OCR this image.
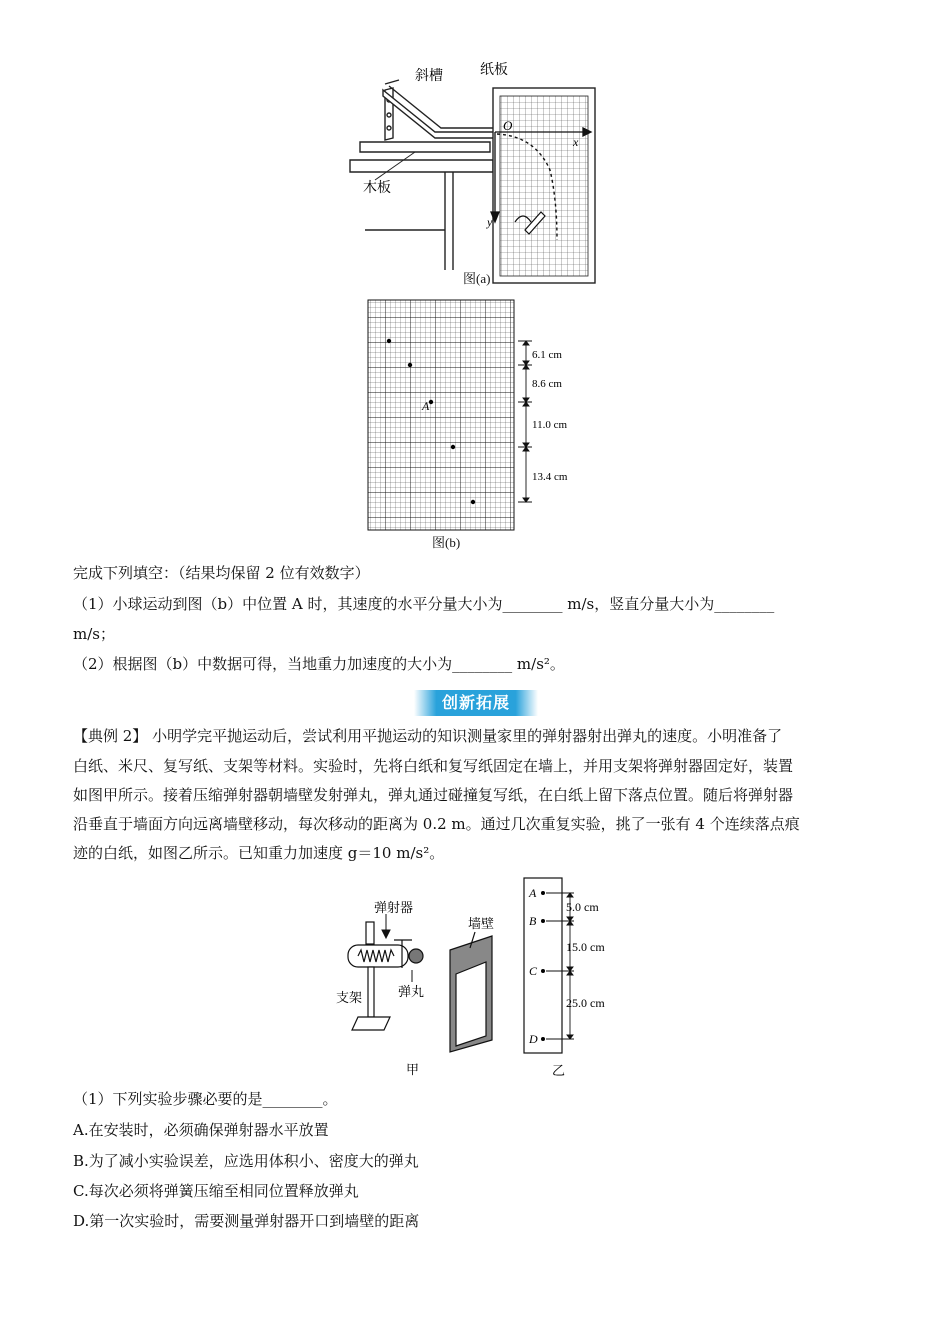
斜槽	纸板
木板
O
x
y
图(a)
A
6.1 cm
8.6 cm
11.0 cm
13.4 cm
图(b)
完成下列填空：（结果均保留 2 位有效数字）
（1）小球运动到图（b）中位置 A 时，其速度的水平分量大小为________ m/s，竖直分量大小为________
m/s；
（2）根据图（b）中数据可得，当地重力加速度的大小为________ m/s²。
创新拓展
【典例 2】 小明学完平抛运动后，尝试利用平抛运动的知识测量家里的弹射器射出弹丸的速度。小明准备了
白纸、米尺、复写纸、支架等材料。实验时，先将白纸和复写纸固定在墙上，并用支架将弹射器固定好，装置
如图甲所示。接着压缩弹射器朝墙壁发射弹丸，弹丸通过碰撞复写纸，在白纸上留下落点位置。随后将弹射器
沿垂直于墙面方向远离墙壁移动，每次移动的距离为 0.2 m。通过几次重复实验，挑了一张有 4 个连续落点痕
迹的白纸，如图乙所示。已知重力加速度 g＝10 m/s²。
弹射器
墙壁
弹丸
支架
甲
A
B
C
D
5.0 cm
15.0 cm
25.0 cm
乙
（1）下列实验步骤必要的是________。
A.在安装时，必须确保弹射器水平放置
B.为了减小实验误差，应选用体积小、密度大的弹丸
C.每次必须将弹簧压缩至相同位置释放弹丸
D.第一次实验时，需要测量弹射器开口到墙壁的距离
